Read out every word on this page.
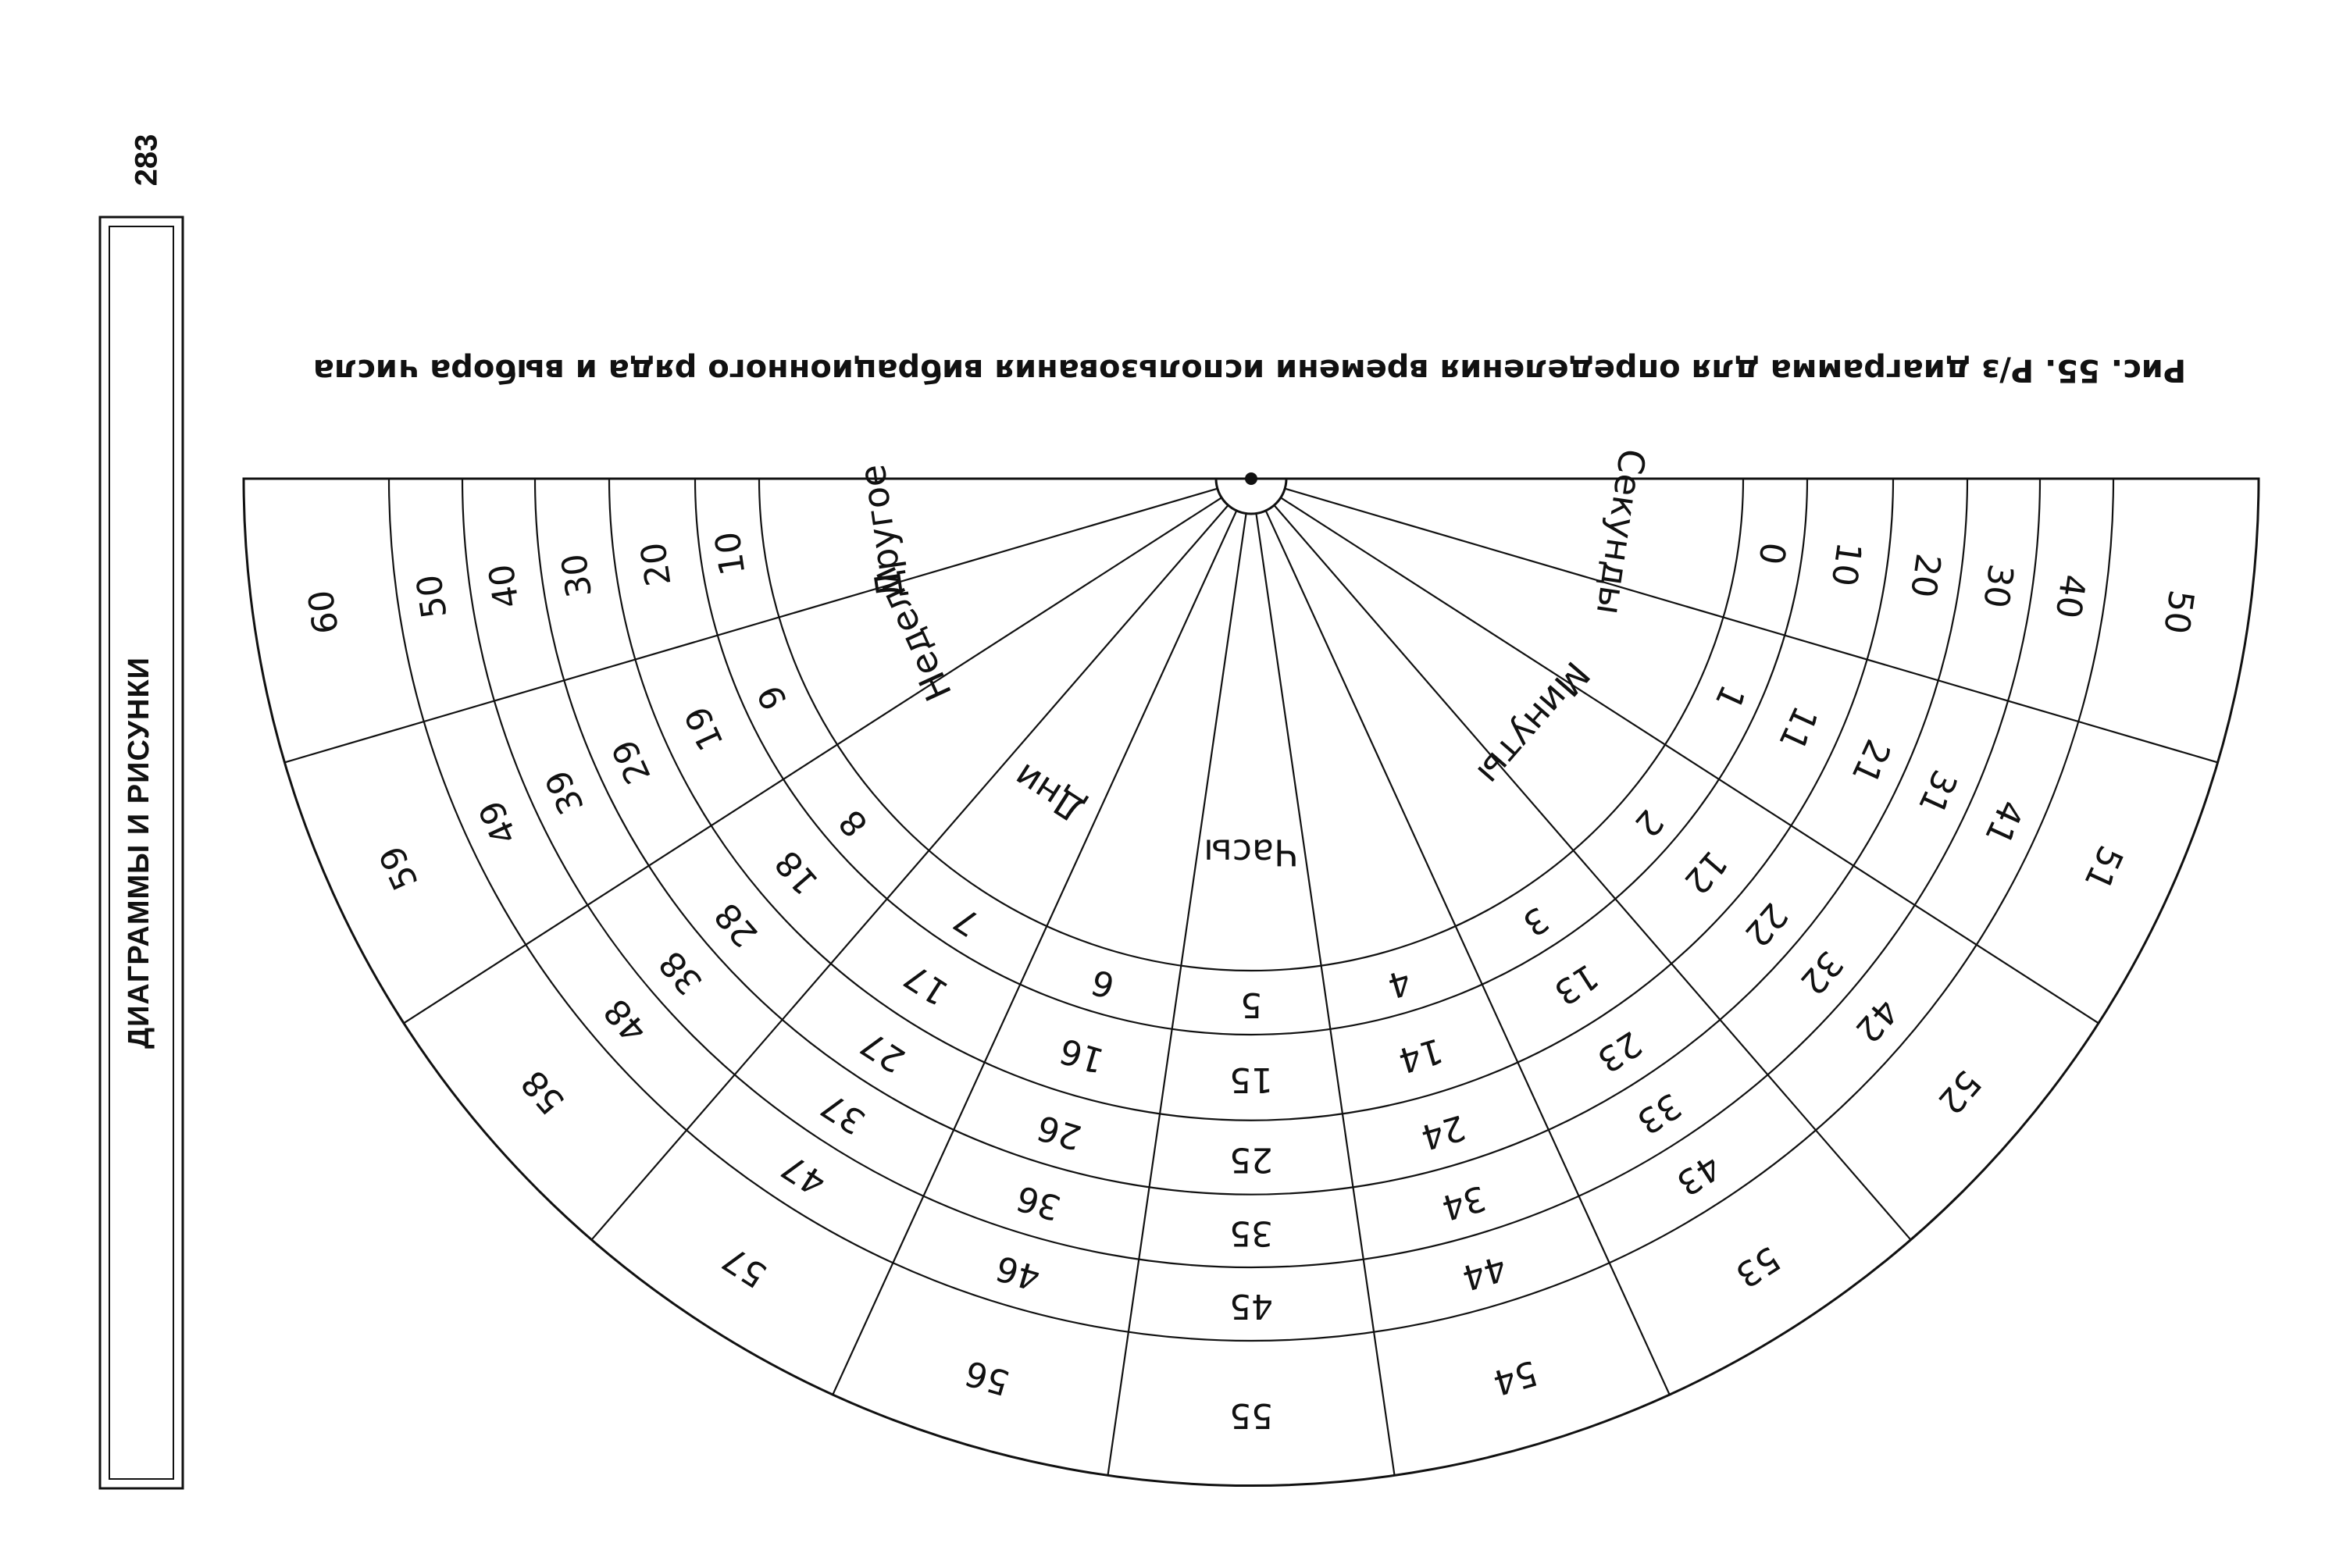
283
ДИАГРАММЫ И РИСУНКИ
Рис. 55. Р/з диаграмма для определения времени использования вибрационного ряда и выбора числа
Секунды	0 10 20 30 40 50
1
11
21
31
41
51
Минуты
2
12
22
32
42
52
3
13
23
33
43
53
4
14
24
34
44
54
Часы
5
15
25
35
45
55
6
16
26
36
46
56
Дни
7
17
27
37
47
57
8
18
28
38
48
58
Недели
9
19
29
39
49
59
Другое
10
20
30
40
50
60
